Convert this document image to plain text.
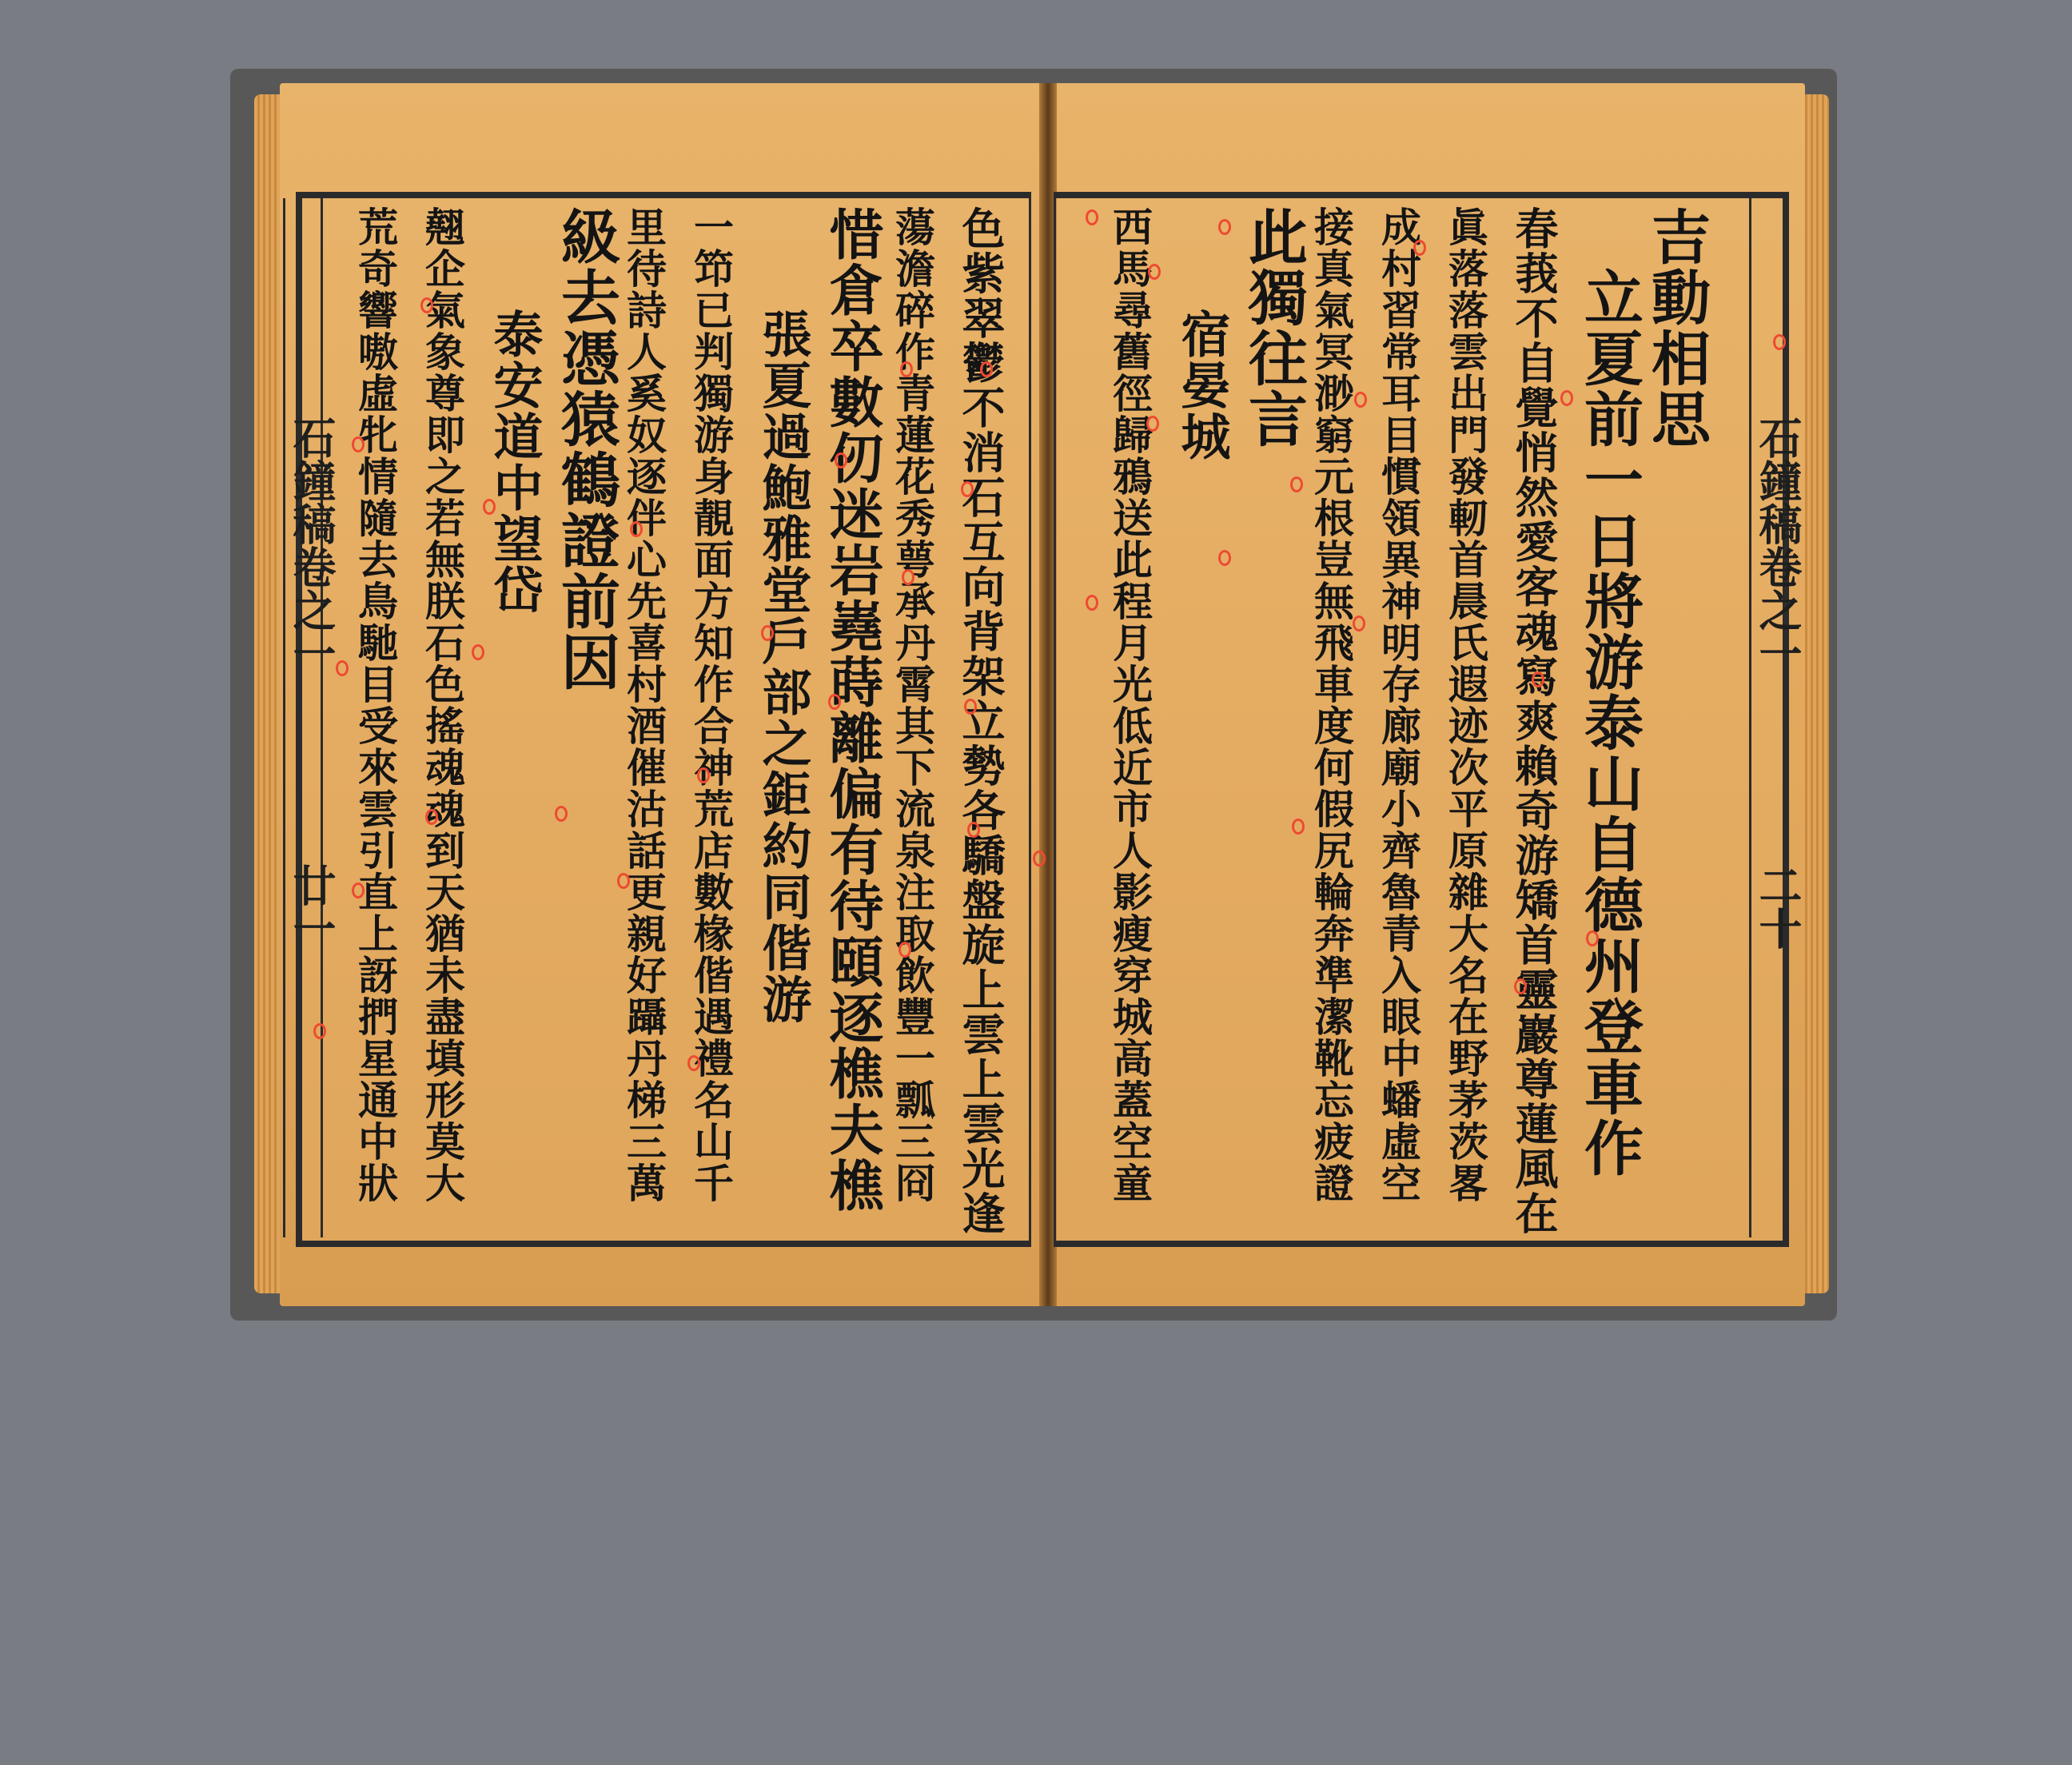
石鐘稿卷之一
二十
石鐘稿卷之一
廿一
吉動相思
　立夏前一日將游泰山自德州登車作
春莪不自覺悄然愛客魂寫爽賴奇游矯首靈巖尊蓮風在
眞落落雲出門發軔首晨氏遐迹次平原雜大名在野茅茨畧
成村習常耳目慣領異神明存廊廟小齊魯青入眼中蟠虛空
接真氣冥渺窮元根豈無飛車度何假尻輪奔準潔靴忘疲證
此獨往言
　　宿晏城
西馬尋舊徑歸鴉送此程月光低近市人影瘦穿城高蓋空童
色紫翠鬱不消石互向背架立勢各驕盤旋上雲上雲光逢
蕩澹碎作青蓮花秀萼承丹霄其下流泉注取飲豐一瓢三冏
惜倉卒數仞迷岩嶤蒔離偏有待頤逐樵夫樵
　　張夏過鮑雅堂戶部之鉅約同偕游
一笻已判獨游身靚面方知作合神荒店數椽偕遇禮名山千
里待詩人奚奴逐伴心先喜村酒催沽話更親好躡丹梯三萬
級去憑猿鶴證前因
　　泰安道中望岱
翹企氣象尊即之若無朕石色搖魂魂到天猶未盡填形莫大
荒奇響嗷虛牝情隨去鳥馳目受來雲引直上訝捫星通中狀
